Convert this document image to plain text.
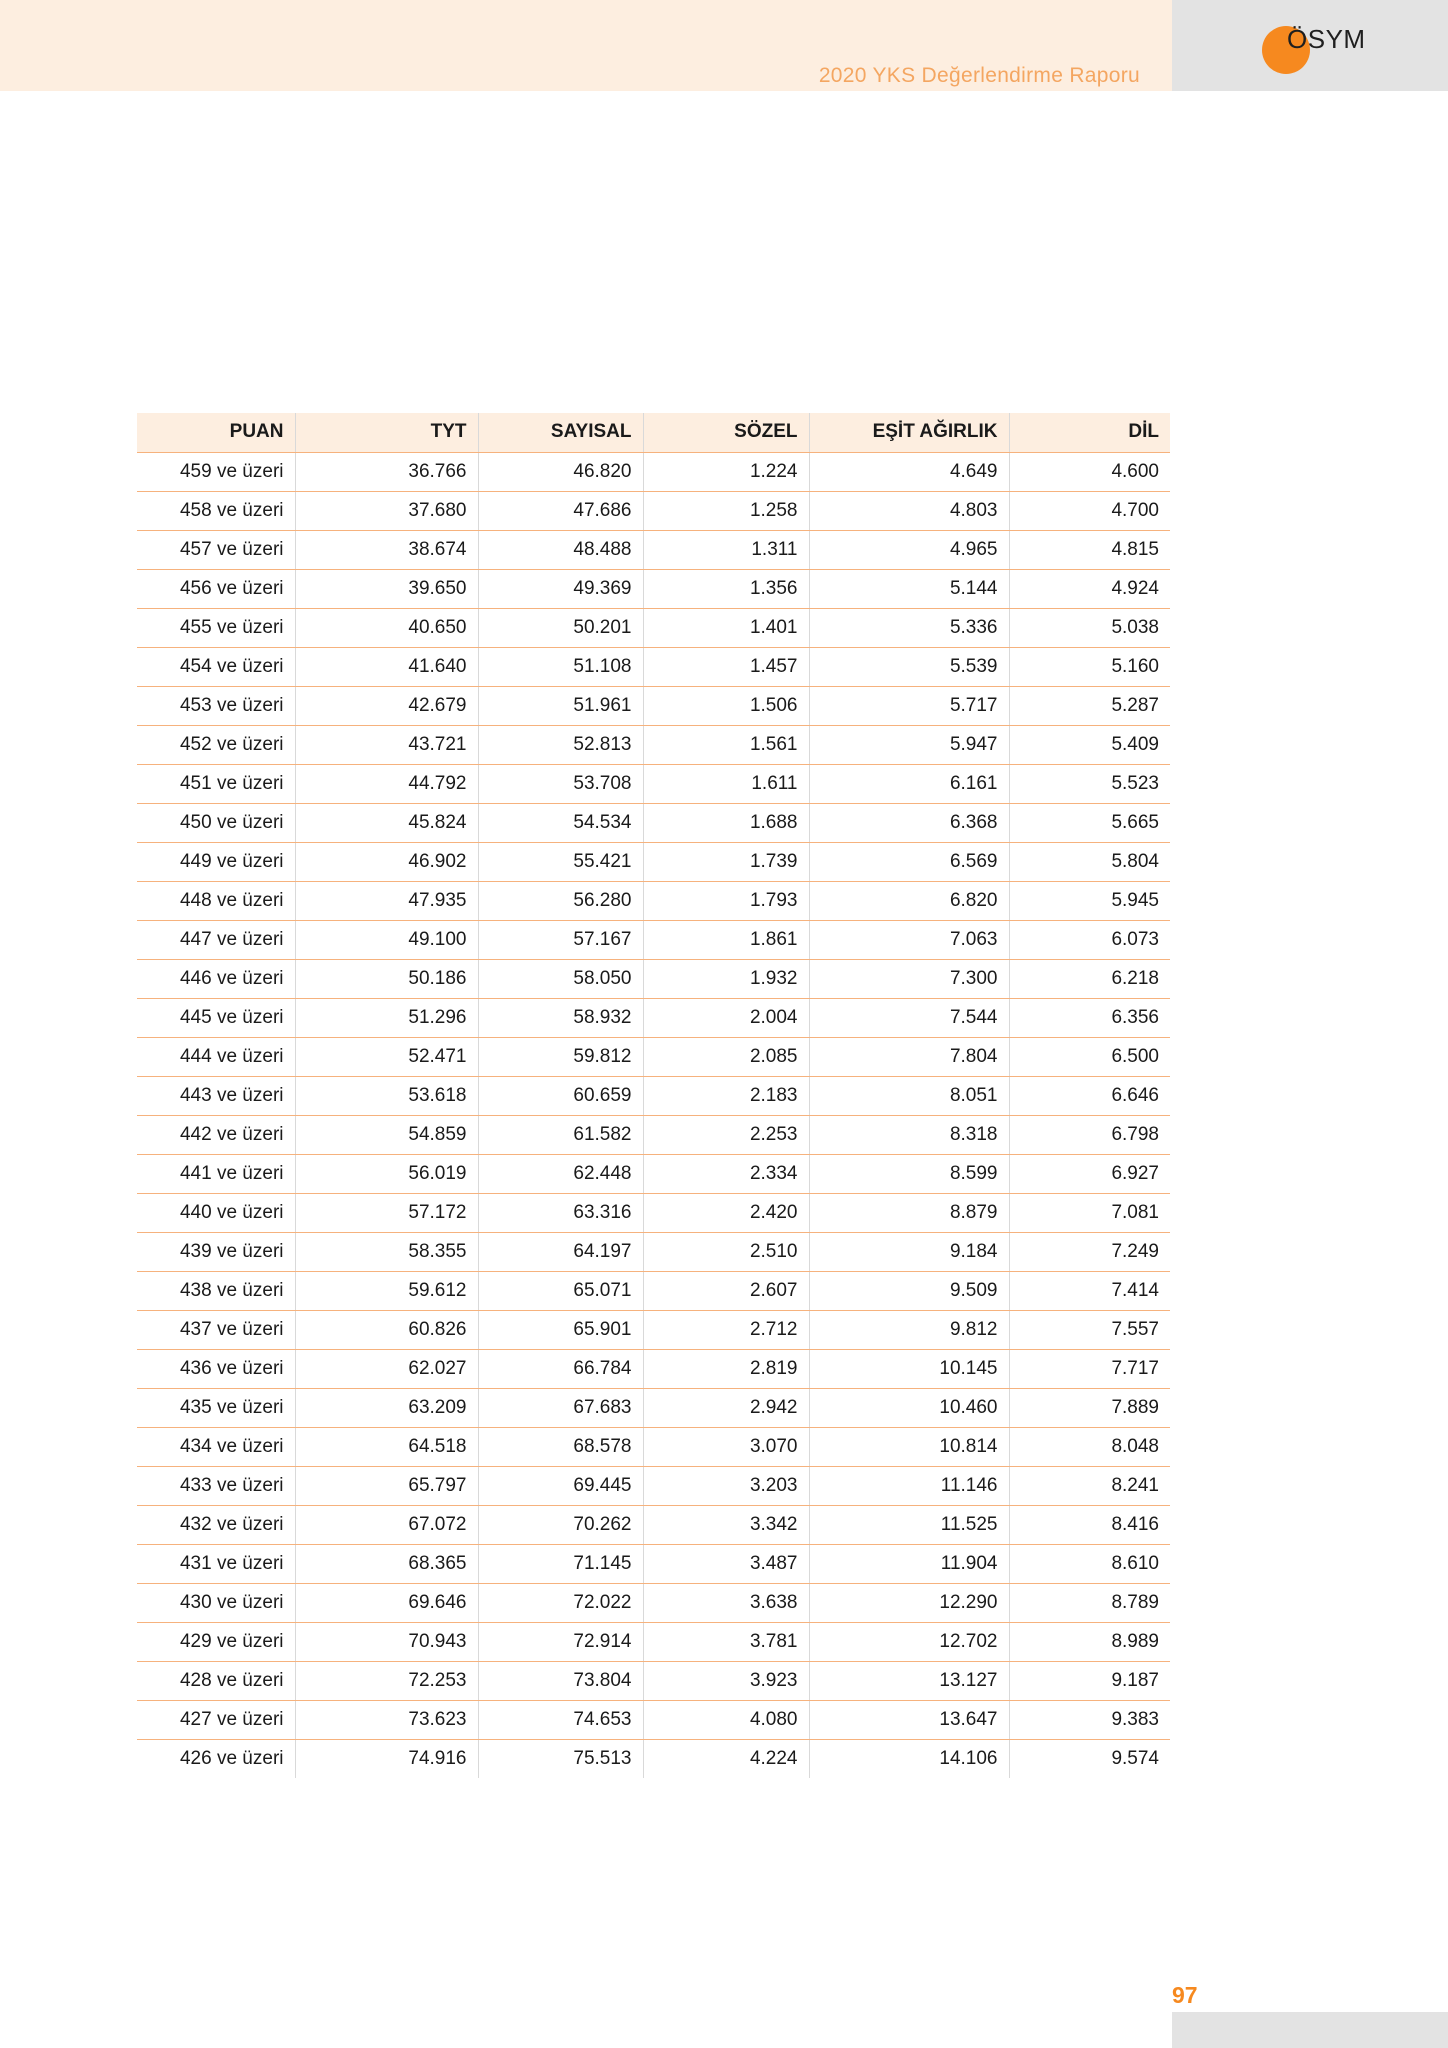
2020 YKS Değerlendirme Raporu
ÖSYM
PUAN	TYT	SAYISAL	SÖZEL	EŞİT AĞIRLIK	DİL
459 ve üzeri	36.766	46.820	1.224	4.649	4.600
458 ve üzeri	37.680	47.686	1.258	4.803	4.700
457 ve üzeri	38.674	48.488	1.311	4.965	4.815
456 ve üzeri	39.650	49.369	1.356	5.144	4.924
455 ve üzeri	40.650	50.201	1.401	5.336	5.038
454 ve üzeri	41.640	51.108	1.457	5.539	5.160
453 ve üzeri	42.679	51.961	1.506	5.717	5.287
452 ve üzeri	43.721	52.813	1.561	5.947	5.409
451 ve üzeri	44.792	53.708	1.611	6.161	5.523
450 ve üzeri	45.824	54.534	1.688	6.368	5.665
449 ve üzeri	46.902	55.421	1.739	6.569	5.804
448 ve üzeri	47.935	56.280	1.793	6.820	5.945
447 ve üzeri	49.100	57.167	1.861	7.063	6.073
446 ve üzeri	50.186	58.050	1.932	7.300	6.218
445 ve üzeri	51.296	58.932	2.004	7.544	6.356
444 ve üzeri	52.471	59.812	2.085	7.804	6.500
443 ve üzeri	53.618	60.659	2.183	8.051	6.646
442 ve üzeri	54.859	61.582	2.253	8.318	6.798
441 ve üzeri	56.019	62.448	2.334	8.599	6.927
440 ve üzeri	57.172	63.316	2.420	8.879	7.081
439 ve üzeri	58.355	64.197	2.510	9.184	7.249
438 ve üzeri	59.612	65.071	2.607	9.509	7.414
437 ve üzeri	60.826	65.901	2.712	9.812	7.557
436 ve üzeri	62.027	66.784	2.819	10.145	7.717
435 ve üzeri	63.209	67.683	2.942	10.460	7.889
434 ve üzeri	64.518	68.578	3.070	10.814	8.048
433 ve üzeri	65.797	69.445	3.203	11.146	8.241
432 ve üzeri	67.072	70.262	3.342	11.525	8.416
431 ve üzeri	68.365	71.145	3.487	11.904	8.610
430 ve üzeri	69.646	72.022	3.638	12.290	8.789
429 ve üzeri	70.943	72.914	3.781	12.702	8.989
428 ve üzeri	72.253	73.804	3.923	13.127	9.187
427 ve üzeri	73.623	74.653	4.080	13.647	9.383
426 ve üzeri	74.916	75.513	4.224	14.106	9.574
97
